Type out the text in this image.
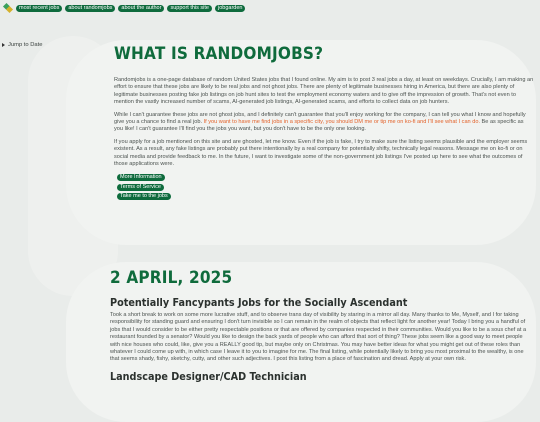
most recent jobs	about randomjobs	about the author	support this site	jobgarden
Jump to Date	WHAT IS RANDOMJOBS?

Randomjobs is a one-page database of random United States jobs that I found online. My aim is to post 3 real jobs a day, at least on weekdays. Crucially, I am making an effort to ensure that these jobs are likely to be real jobs and not ghost jobs. There are plenty of legitimate businesses hiring in America, but there are also plenty of legitimate businesses posting fake job listings on job hunt sites to test the employment economy waters and to give off the impression of growth. That's not even to mention the vastly increased number of scams, AI-generated job listings, AI-generated scams, and efforts to collect data on job hunters.

While I can't guarantee these jobs are not ghost jobs, and I definitely can't guarantee that you'll enjoy working for the company, I can tell you what I know and hopefully give you a chance to find a real job. If you want to have me find jobs in a specific city, you should DM me or tip me on ko-fi and I'll see what I can do. Be as specific as you like! I can't guarantee I'll find you the jobs you want, but you don't have to be the only one looking.

If you apply for a job mentioned on this site and are ghosted, let me know. Even if the job is fake, I try to make sure the listing seems plausible and the employer seems existent. As a result, any fake listings are probably put there intentionally by a real company for potentially shifty, technically legal reasons. Message me on ko-fi or on social media and provide feedback to me. In the future, I want to investigate some of the non-government job listings I've posted up here to see what the outcomes of those applications were.

More Information
Terms of Service
Take me to the jobs
2 APRIL, 2025
Potentially Fancypants Jobs for the Socially Ascendant

Took a short break to work on some more lucrative stuff, and to observe trans day of visibility by staring in a mirror all day. Many thanks to Me, Myself, and I for taking responsibility for standing guard and ensuring I don't turn invisible so I can remain in the realm of objects that reflect light for another year! Today I bring you a handful of jobs that I would consider to be either pretty respectable positions or that are offered by companies respected in their communities. Would you like to be a sous chef at a restaurant founded by a senator? Would you like to design the back yards of people who can afford that sort of thing? These jobs seem like a good way to meet people with nice houses who could, like, give you a REALLY good tip, but maybe only on Christmas. You may have better ideas for what you might get out of these roles than whatever I could come up with, in which case I leave it to you to imagine for me. The final listing, while potentially likely to bring you most proximal to the wealthy, is one that seems shady, fishy, sketchy, cutty, and other such adjectives. I post this listing from a place of fascination and dread. Apply at your own risk.

Landscape Designer/CAD Technician
